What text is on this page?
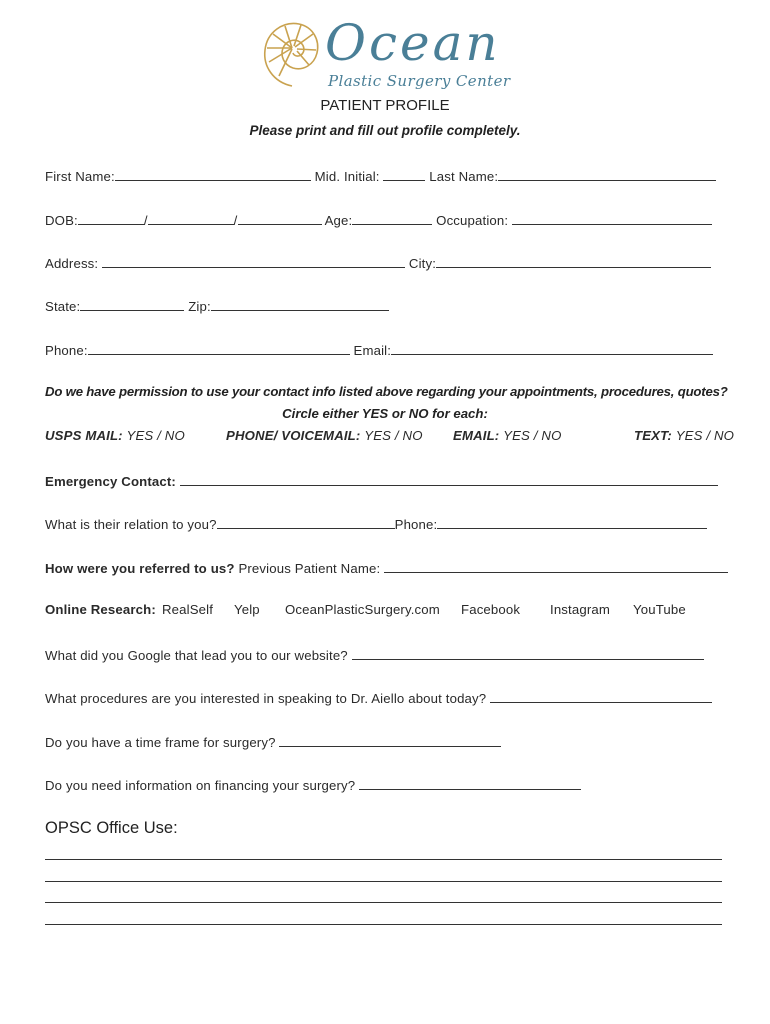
Ocean
Plastic Surgery Center
PATIENT PROFILE
Please print and fill out profile completely.
First Name:	Mid. Initial:	Last Name:
DOB:	/	/	Age:	Occupation:
Address:	City:
State:	Zip:
Phone:	Email:
Do we have permission to use your contact info listed above regarding your appointments, procedures, quotes?
Circle either YES or NO for each:
USPS MAIL: YES / NO	PHONE/ VOICEMAIL: YES / NO EMAIL: YES / NO	TEXT: YES / NO
Emergency Contact:
What is their relation to you?	Phone:
How were you referred to us? Previous Patient Name:
Online Research: RealSelf Yelp OceanPlasticSurgery.com Facebook Instagram YouTube
What did you Google that lead you to our website?
What procedures are you interested in speaking to Dr. Aiello about today?
Do you have a time frame for surgery?
Do you need information on financing your surgery?
OPSC Office Use:
